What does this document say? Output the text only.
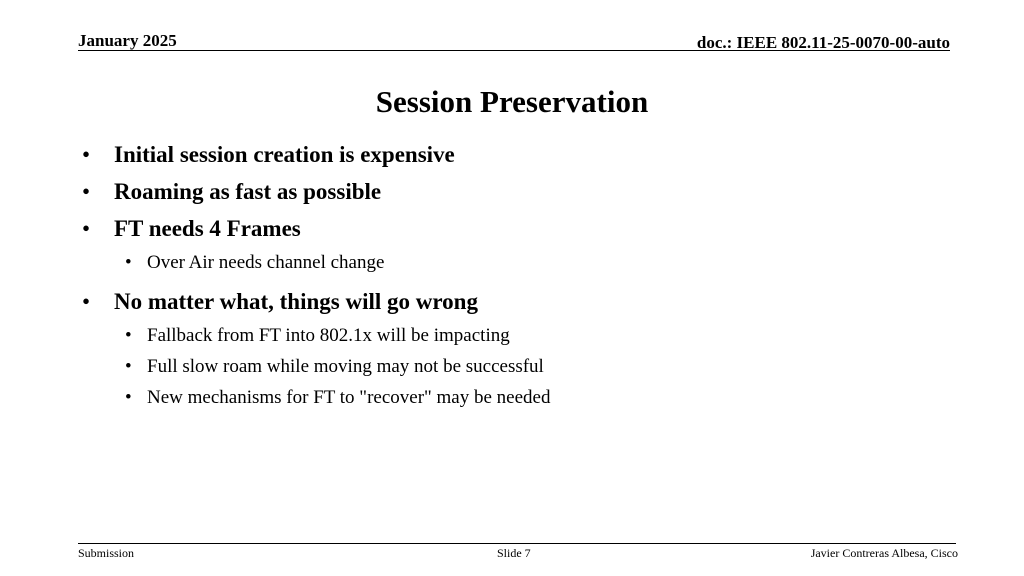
January 2025	doc.: IEEE 802.11-25-0070-00-auto
Session Preservation
• Initial session creation is expensive
• Roaming as fast as possible
• FT needs 4 Frames
• Over Air needs channel change
• No matter what, things will go wrong
• Fallback from FT into 802.1x will be impacting
• Full slow roam while moving may not be successful
• New mechanisms for FT to "recover" may be needed
Submission	Slide 7	Javier Contreras Albesa, Cisco
